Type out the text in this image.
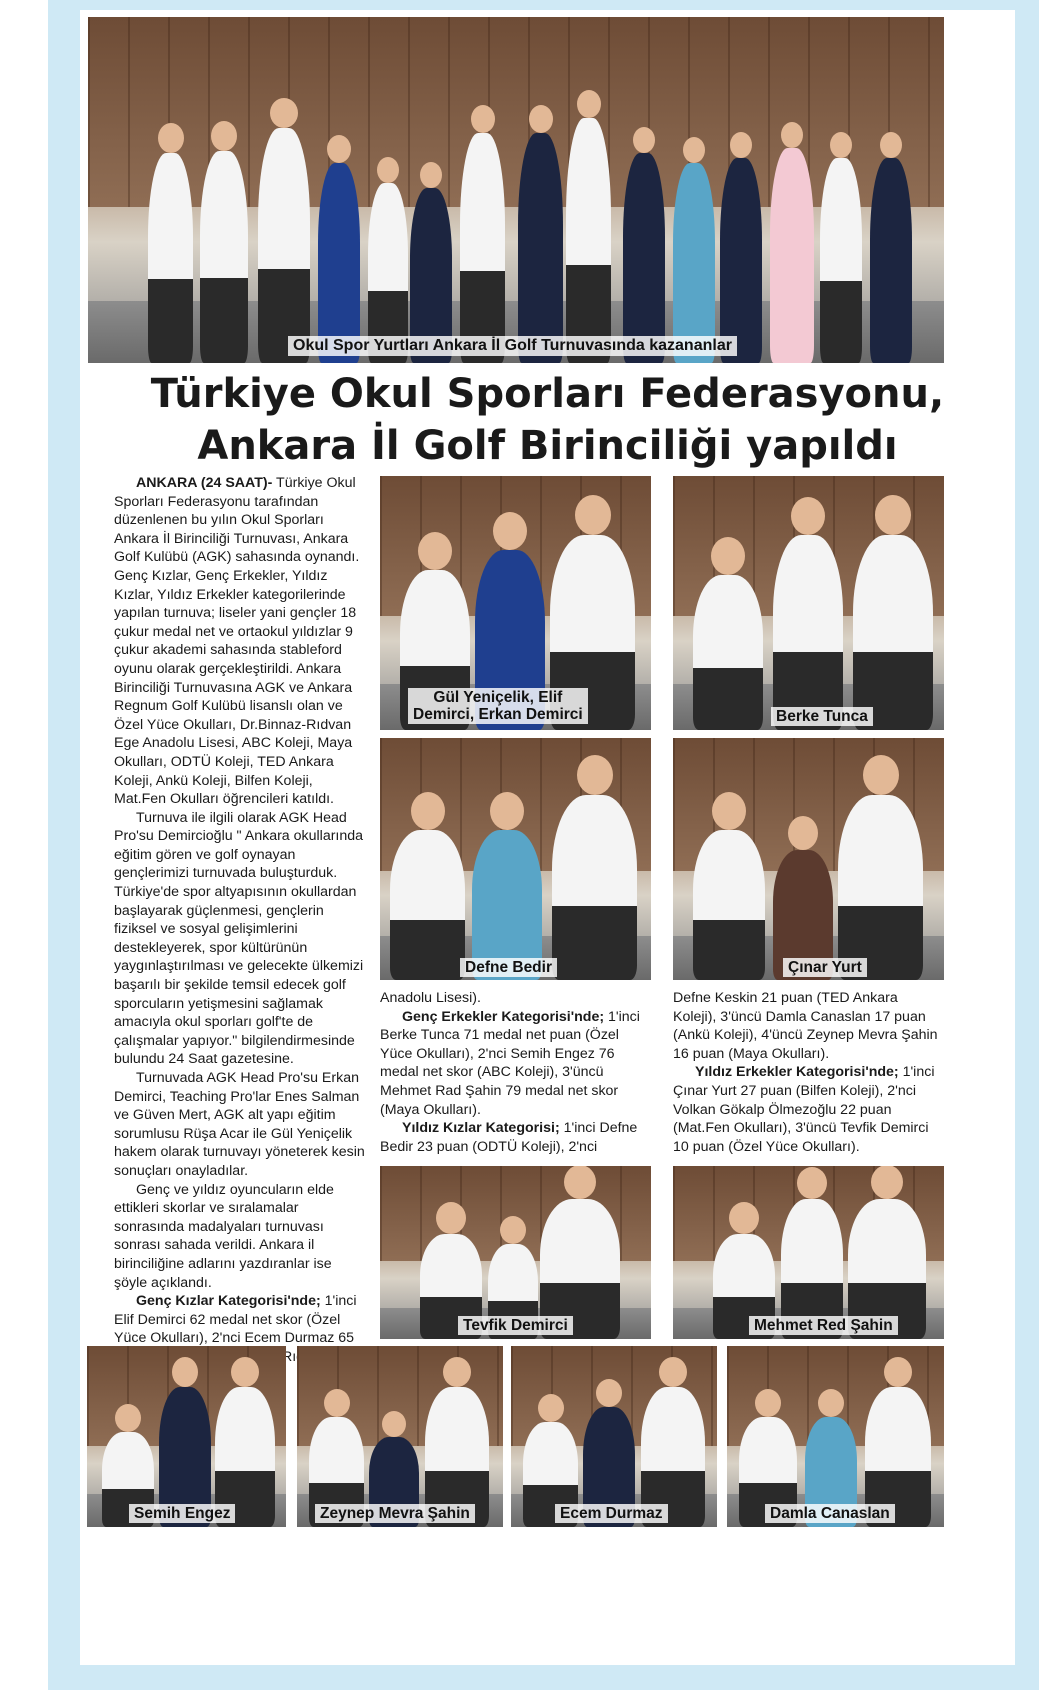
Okul Spor Yurtları Ankara İl Golf Turnuvasında kazananlar
Türkiye Okul Sporları Federasyonu,
Ankara İl Golf Birinciliği yapıldı

ANKARA (24 SAAT)- Türkiye Okul Sporları Federasyonu tarafından düzenlenen bu yılın Okul Sporları Ankara İl Birinciliği Turnuvası, Ankara Golf Kulübü (AGK) sahasında oynandı. Genç Kızlar, Genç Erkekler, Yıldız Kızlar, Yıldız Erkekler kategorilerinde yapılan turnuva; liseler yani gençler 18 çukur medal net ve ortaokul yıldızlar 9 çukur akademi sahasında stableford oyunu olarak gerçekleştirildi. Ankara Birinciliği Turnuvasına AGK ve Ankara Regnum Golf Kulübü lisanslı olan ve Özel Yüce Okulları, Dr.Binnaz-Rıdvan Ege Anadolu Lisesi, ABC Koleji, Maya Okulları, ODTÜ Koleji, TED Ankara Koleji, Ankü Koleji, Bilfen Koleji, Mat.Fen Okulları öğrencileri katıldı.

Turnuva ile ilgili olarak AGK Head Pro'su Demircioğlu " Ankara okullarında eğitim gören ve golf oynayan gençlerimizi turnuvada buluşturduk. Türkiye'de spor altyapısının okullardan başlayarak güçlenmesi, gençlerin fiziksel ve sosyal gelişimlerini destekleyerek, spor kültürünün yaygınlaştırılması ve gelecekte ülkemizi başarılı bir şekilde temsil edecek golf sporcuların yetişmesini sağlamak amacıyla okul sporları golf'te de çalışmalar yapıyor." bilgilendirmesinde bulundu 24 Saat gazetesine.

Turnuvada AGK Head Pro'su Erkan Demirci, Teaching Pro'lar Enes Salman ve Güven Mert, AGK alt yapı eğitim sorumlusu Rüşa Acar ile Gül Yeniçelik hakem olarak turnuvayı yöneterek kesin sonuçları onayladılar.

Genç ve yıldız oyuncuların elde ettikleri skorlar ve sıralamalar sonrasında madalyaları turnuvası sonrası sahada verildi. Ankara il birinciliğine adlarını yazdıranlar ise şöyle açıklandı.

Genç Kızlar Kategorisi'nde; 1'inci Elif Demirci 62 medal net skor (Özel Yüce Okulları), 2'nci Ecem Durmaz 65

Gül Yeniçelik, Elif
Demirci, Erkan Demirci	Berke Tunca
Defne Bedir	Çınar Yurt

Anadolu Lisesi).

Genç Erkekler Kategorisi'nde; 1'inci Berke Tunca 71 medal net puan (Özel Yüce Okulları), 2'nci Semih Engez 76 medal net skor (ABC Koleji), 3'üncü Mehmet Rad Şahin 79 medal net skor (Maya Okulları).

Yıldız Kızlar Kategorisi; 1'inci Defne Bedir 23 puan (ODTÜ Koleji), 2'nci

Defne Keskin 21 puan (TED Ankara Koleji), 3'üncü Damla Canaslan 17 puan (Ankü Koleji), 4'üncü Zeynep Mevra Şahin 16 puan (Maya Okulları).

Yıldız Erkekler Kategorisi'nde; 1'inci Çınar Yurt 27 puan (Bilfen Koleji), 2'nci Volkan Gökalp Ölmezoğlu 22 puan (Mat.Fen Okulları), 3'üncü Tevfik Demirci 10 puan (Özel Yüce Okulları).

Tevfik Demirci	Mehmet Red Şahin
Semih Engez	Zeynep Mevra Şahin	Ecem Durmaz	Damla Canaslan
